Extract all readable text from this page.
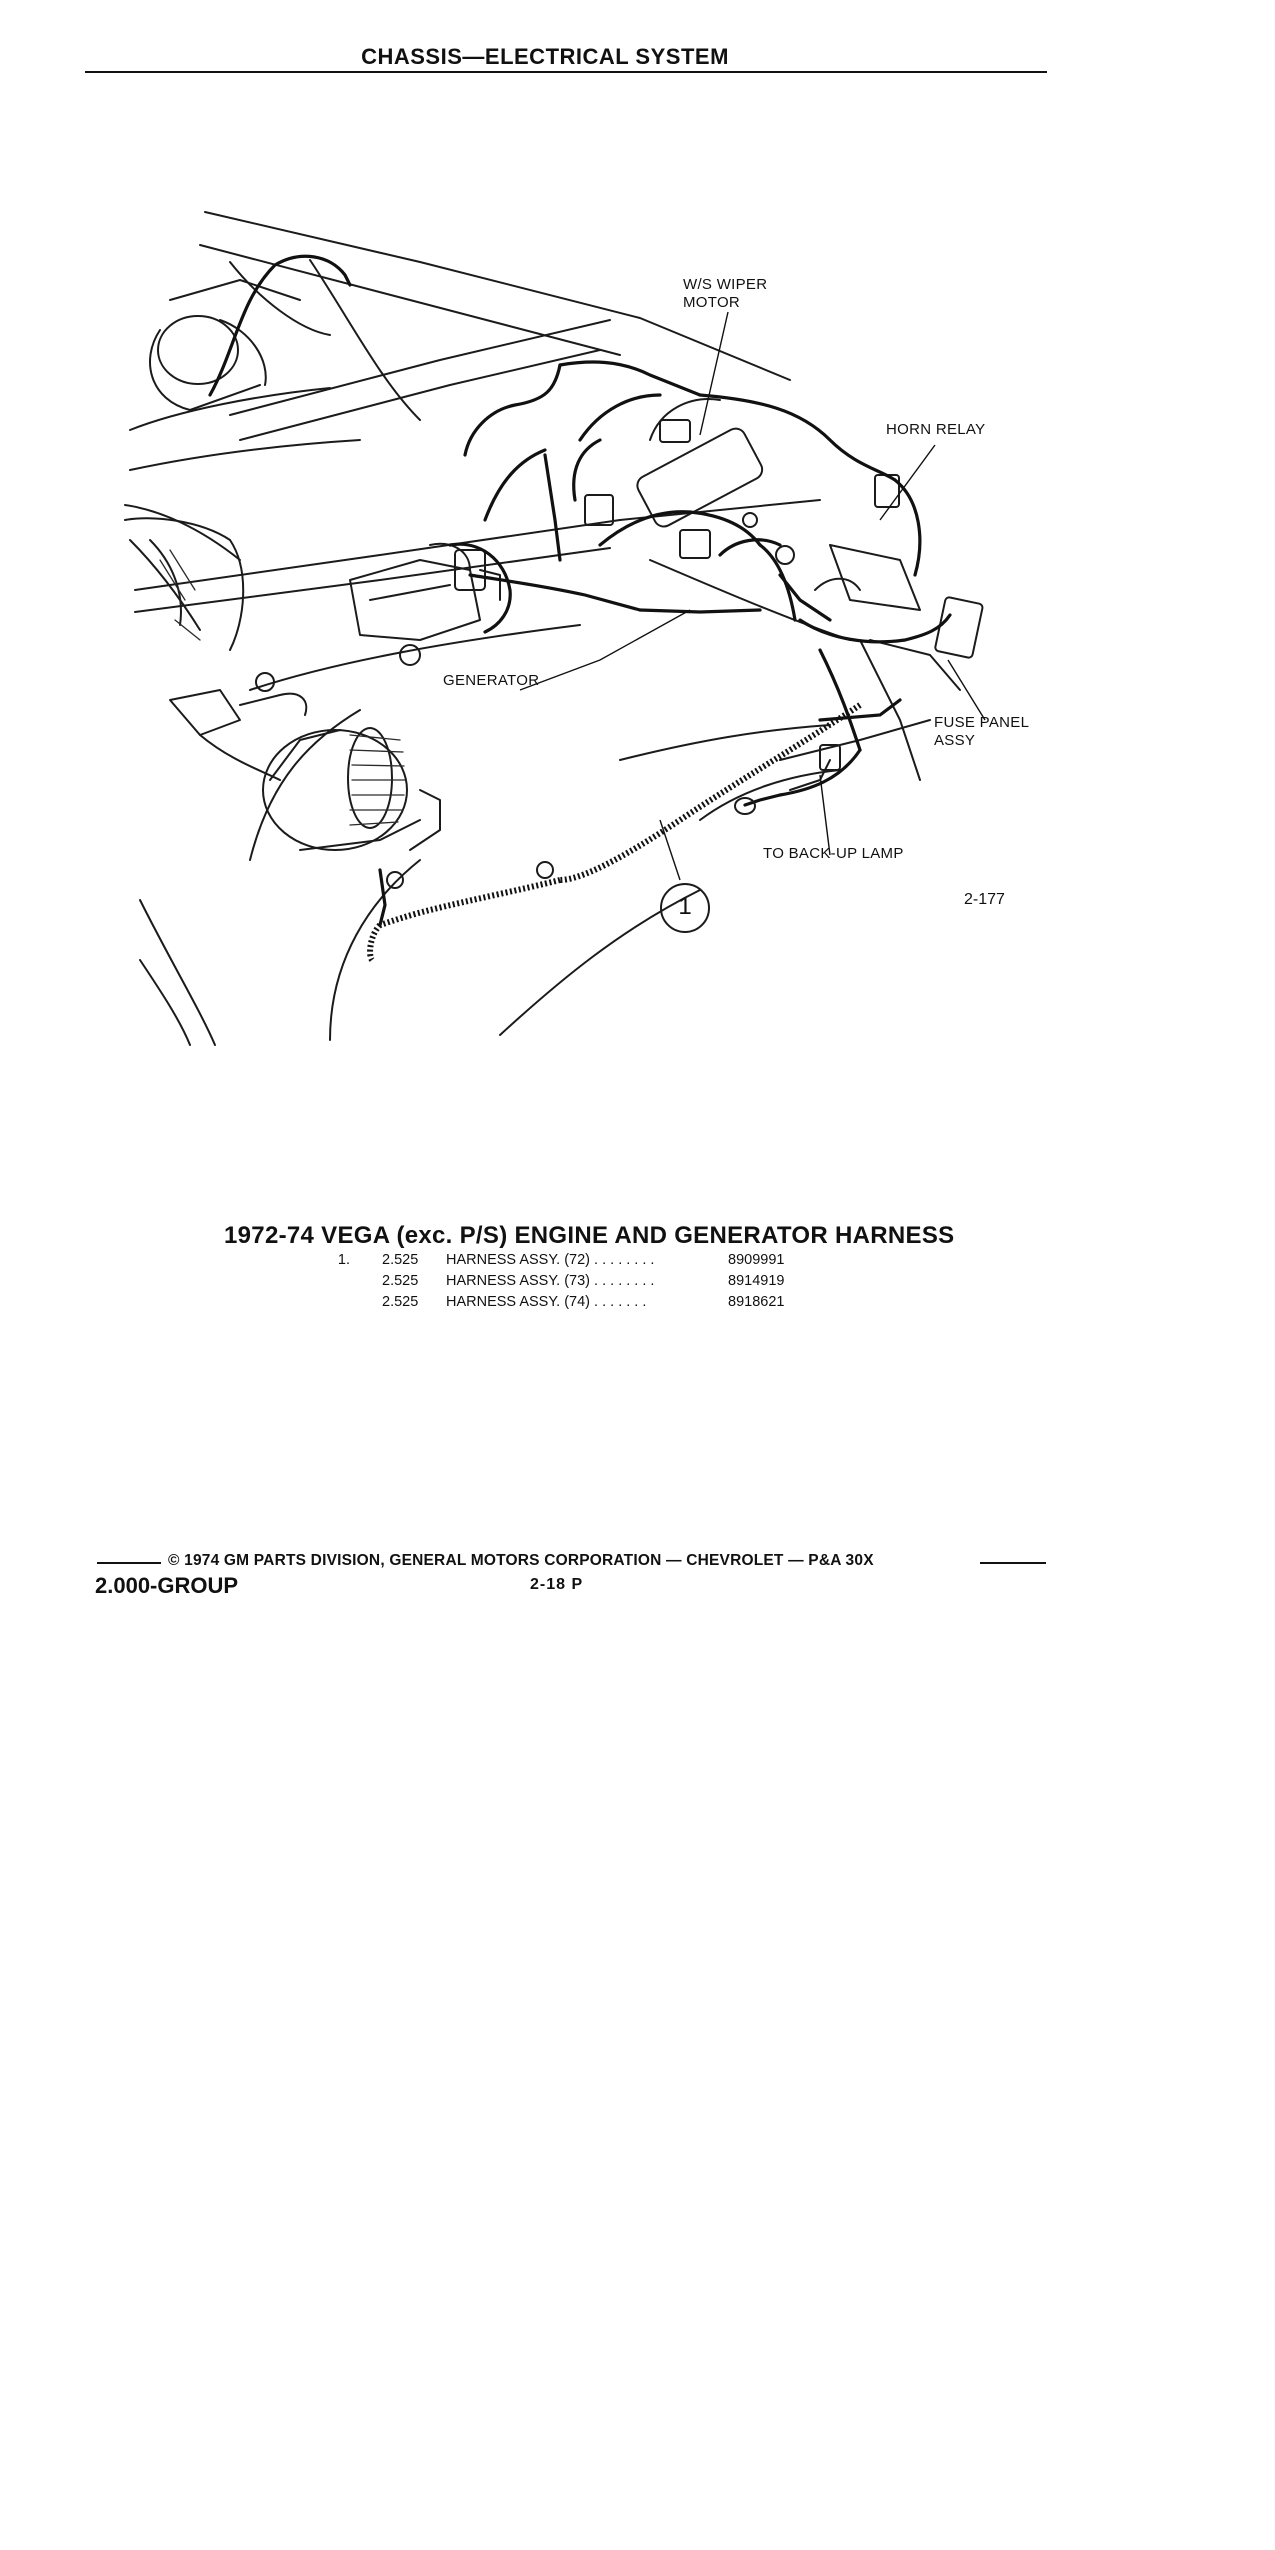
CHASSIS—ELECTRICAL SYSTEM
W/S WIPER
MOTOR
HORN RELAY
FUSE PANEL
ASSY
GENERATOR
TO BACK-UP LAMP
1	2-177
1972-74 VEGA (exc. P/S) ENGINE AND GENERATOR HARNESS
1.	2.525	HARNESS ASSY. (72) . . . . . . . .	8909991
	2.525	HARNESS ASSY. (73) . . . . . . . .	8914919
	2.525	HARNESS ASSY. (74) . . . . . . .	8918621
© 1974 GM PARTS DIVISION, GENERAL MOTORS CORPORATION — CHEVROLET — P&A 30X
2.000-GROUP	2-18 P
